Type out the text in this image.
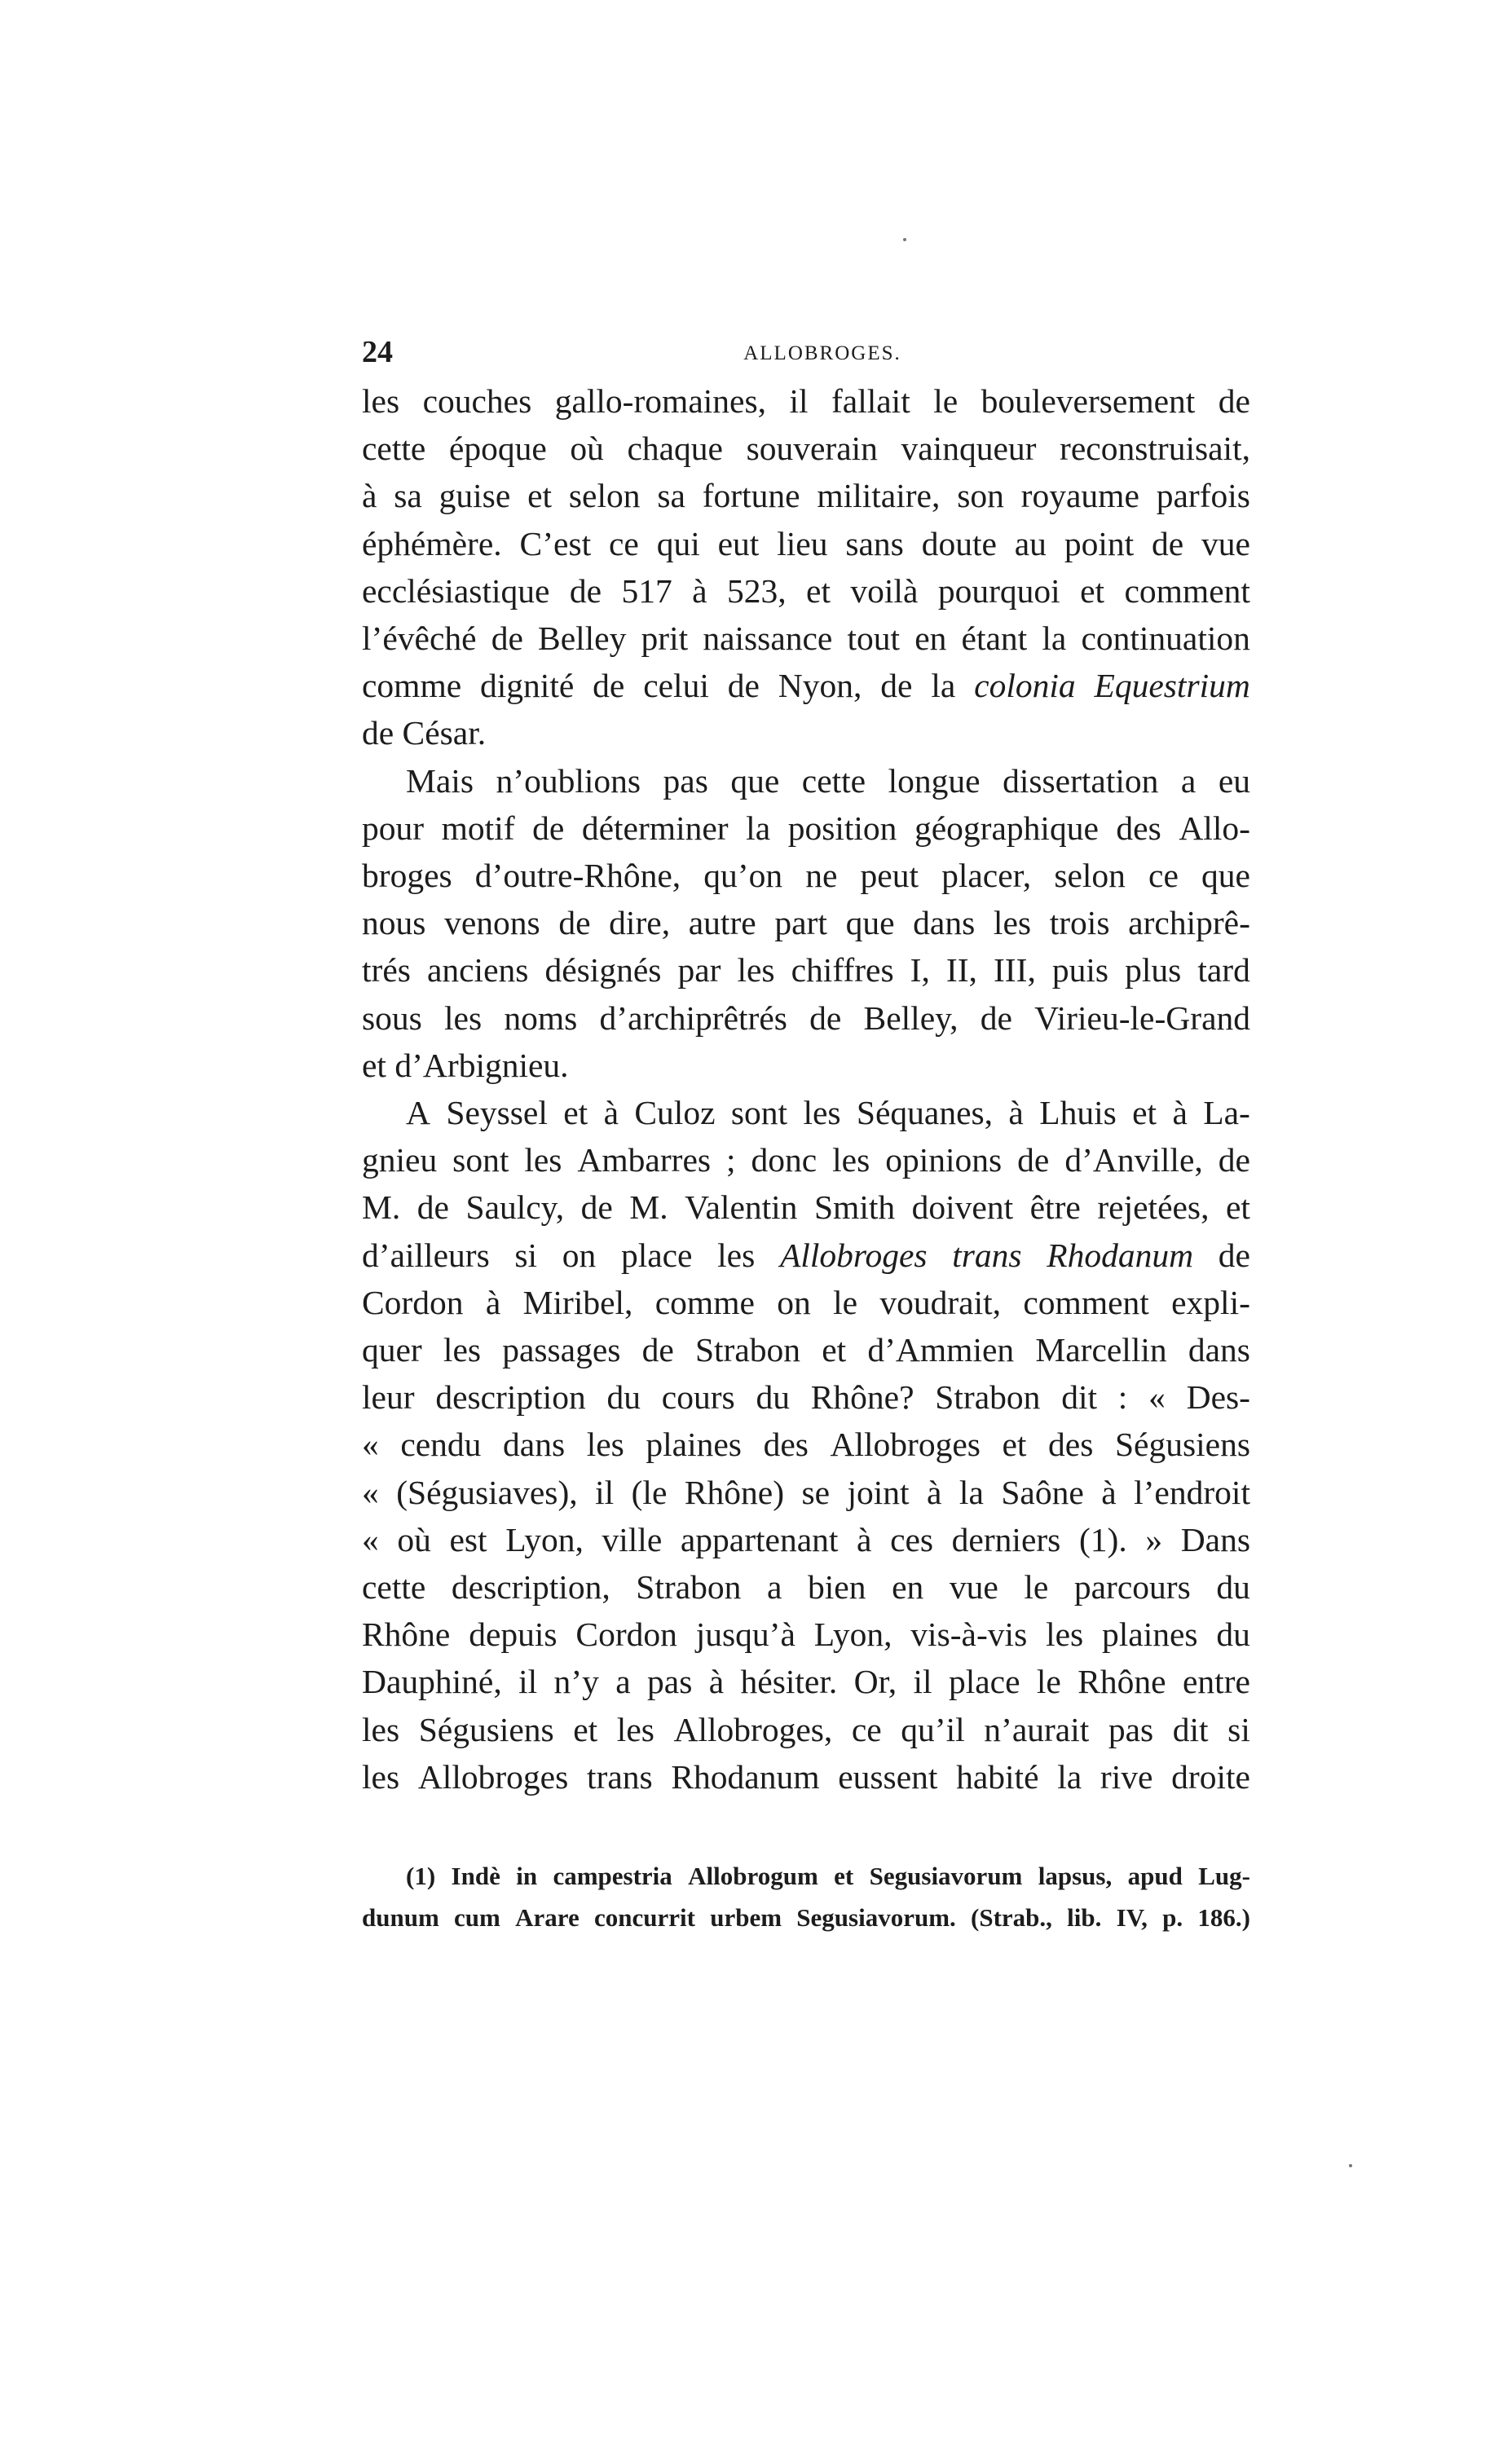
24	ALLOBROGES.
les couches gallo-romaines, il fallait le bouleversement de
cette époque où chaque souverain vainqueur reconstruisait,
à sa guise et selon sa fortune militaire, son royaume parfois
éphémère. C’est ce qui eut lieu sans doute au point de vue
ecclésiastique de 517 à 523, et voilà pourquoi et comment
l’évêché de Belley prit naissance tout en étant la continuation
comme dignité de celui de Nyon, de la colonia Equestrium
de César.
Mais n’oublions pas que cette longue dissertation a eu
pour motif de déterminer la position géographique des Allo-
broges d’outre-Rhône, qu’on ne peut placer, selon ce que
nous venons de dire, autre part que dans les trois archiprê-
trés anciens désignés par les chiffres I, II, III, puis plus tard
sous les noms d’archiprêtrés de Belley, de Virieu-le-Grand
et d’Arbignieu.
A Seyssel et à Culoz sont les Séquanes, à Lhuis et à La-
gnieu sont les Ambarres ; donc les opinions de d’Anville, de
M. de Saulcy, de M. Valentin Smith doivent être rejetées, et
d’ailleurs si on place les Allobroges trans Rhodanum de
Cordon à Miribel, comme on le voudrait, comment expli-
quer les passages de Strabon et d’Ammien Marcellin dans
leur description du cours du Rhône? Strabon dit : « Des-
« cendu dans les plaines des Allobroges et des Ségusiens
« (Ségusiaves), il (le Rhône) se joint à la Saône à l’endroit
« où est Lyon, ville appartenant à ces derniers (1). » Dans
cette description, Strabon a bien en vue le parcours du
Rhône depuis Cordon jusqu’à Lyon, vis-à-vis les plaines du
Dauphiné, il n’y a pas à hésiter. Or, il place le Rhône entre
les Ségusiens et les Allobroges, ce qu’il n’aurait pas dit si
les Allobroges trans Rhodanum eussent habité la rive droite
(1) Indè in campestria Allobrogum et Segusiavorum lapsus, apud Lug-
dunum cum Arare concurrit urbem Segusiavorum. (Strab., lib. IV, p. 186.)
